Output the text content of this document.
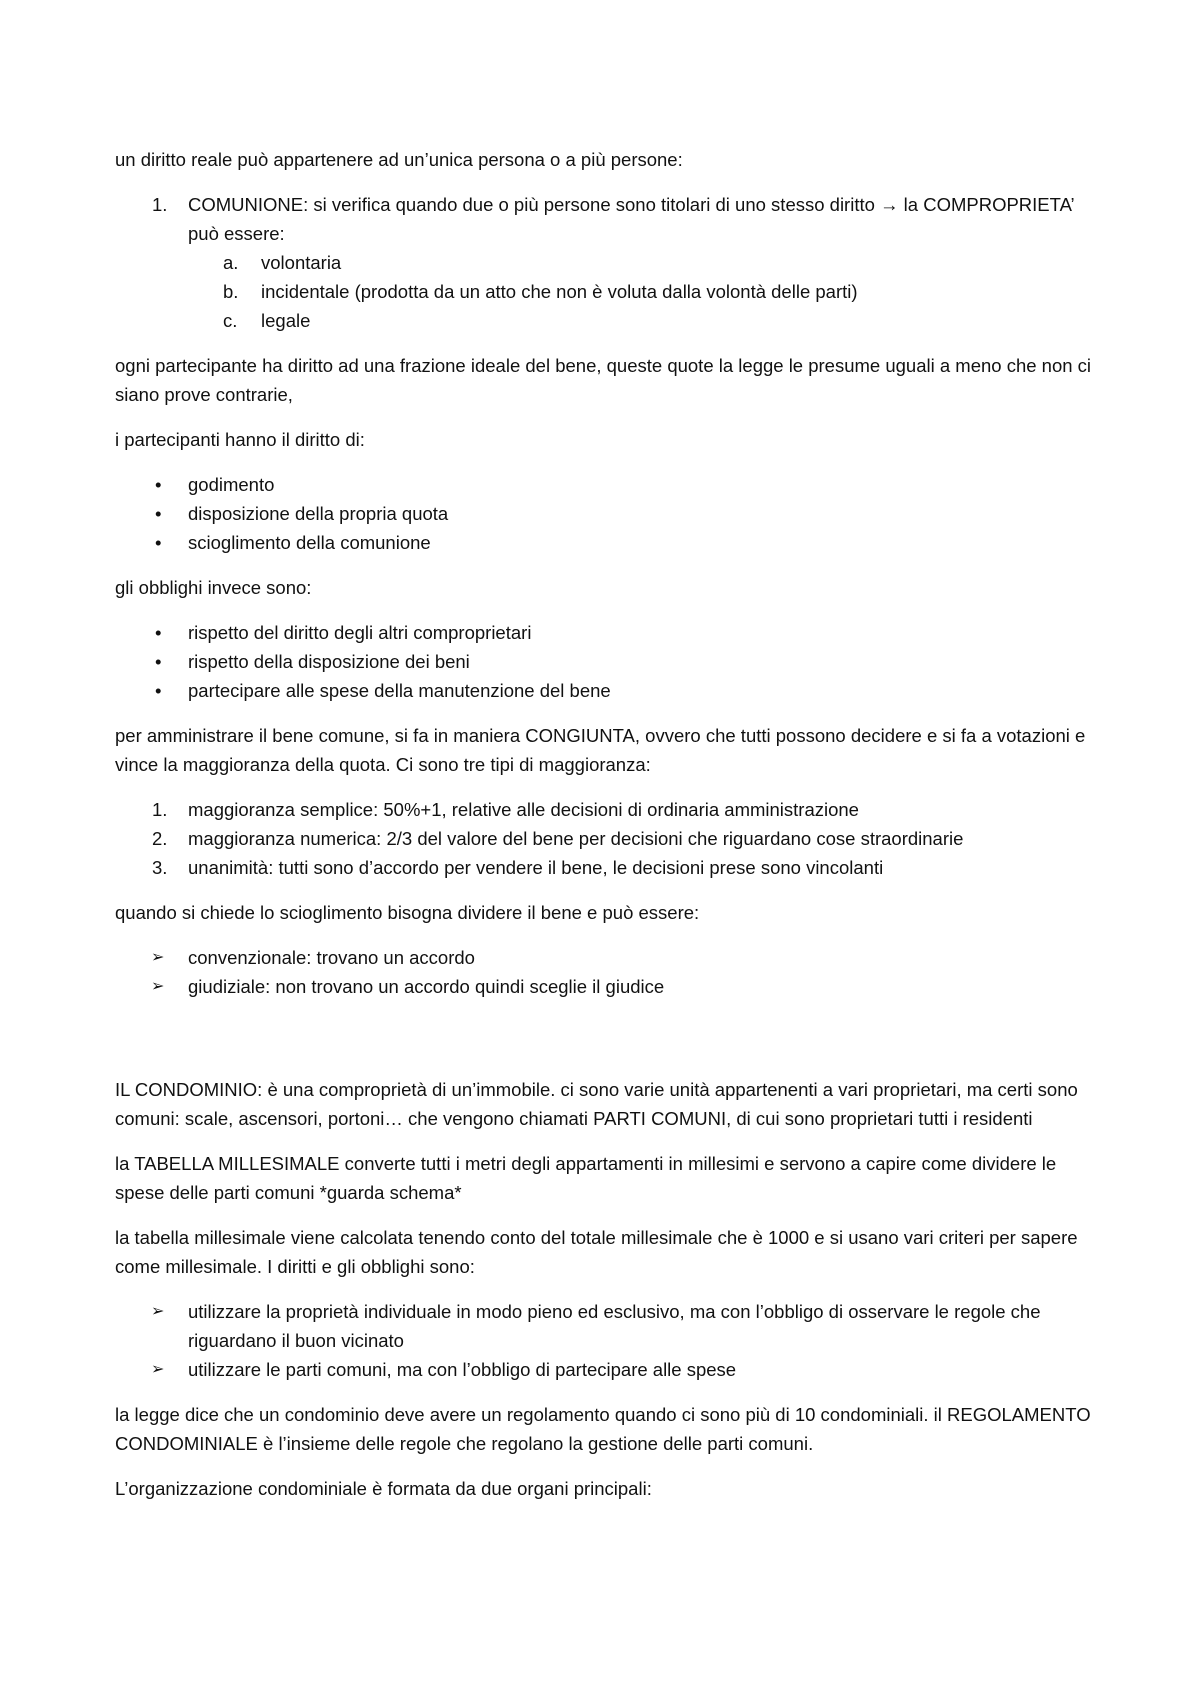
un diritto reale può appartenere ad un’unica persona o a più persone:

1. COMUNIONE: si verifica quando due o più persone sono titolari di uno stesso diritto → la COMPROPRIETA’ può essere:
a. volontaria
b. incidentale (prodotta da un atto che non è voluta dalla volontà delle parti)
c. legale

ogni partecipante ha diritto ad una frazione ideale del bene, queste quote la legge le presume uguali a meno che non ci siano prove contrarie,

i partecipanti hanno il diritto di:

• godimento
• disposizione della propria quota
• scioglimento della comunione

gli obblighi invece sono:

• rispetto del diritto degli altri comproprietari
• rispetto della disposizione dei beni
• partecipare alle spese della manutenzione del bene

per amministrare il bene comune, si fa in maniera CONGIUNTA, ovvero che tutti possono decidere e si fa a votazioni e vince la maggioranza della quota. Ci sono tre tipi di maggioranza:

1. maggioranza semplice: 50%+1, relative alle decisioni di ordinaria amministrazione
2. maggioranza numerica: 2/3 del valore del bene per decisioni che riguardano cose straordinarie
3. unanimità: tutti sono d’accordo per vendere il bene, le decisioni prese sono vincolanti

quando si chiede lo scioglimento bisogna dividere il bene e può essere:

➢ convenzionale: trovano un accordo
➢ giudiziale: non trovano un accordo quindi sceglie il giudice

IL CONDOMINIO: è una comproprietà di un’immobile. ci sono varie unità appartenenti a vari proprietari, ma certi sono comuni: scale, ascensori, portoni… che vengono chiamati PARTI COMUNI, di cui sono proprietari tutti i residenti

la TABELLA MILLESIMALE converte tutti i metri degli appartamenti in millesimi e servono a capire come dividere le spese delle parti comuni *guarda schema*

la tabella millesimale viene calcolata tenendo conto del totale millesimale che è 1000 e si usano vari criteri per sapere come millesimale. I diritti e gli obblighi sono:

➢ utilizzare la proprietà individuale in modo pieno ed esclusivo, ma con l’obbligo di osservare le regole che riguardano il buon vicinato
➢ utilizzare le parti comuni, ma con l’obbligo di partecipare alle spese

la legge dice che un condominio deve avere un regolamento quando ci sono più di 10 condominiali. il REGOLAMENTO CONDOMINIALE è l’insieme delle regole che regolano la gestione delle parti comuni.

L’organizzazione condominiale è formata da due organi principali:
